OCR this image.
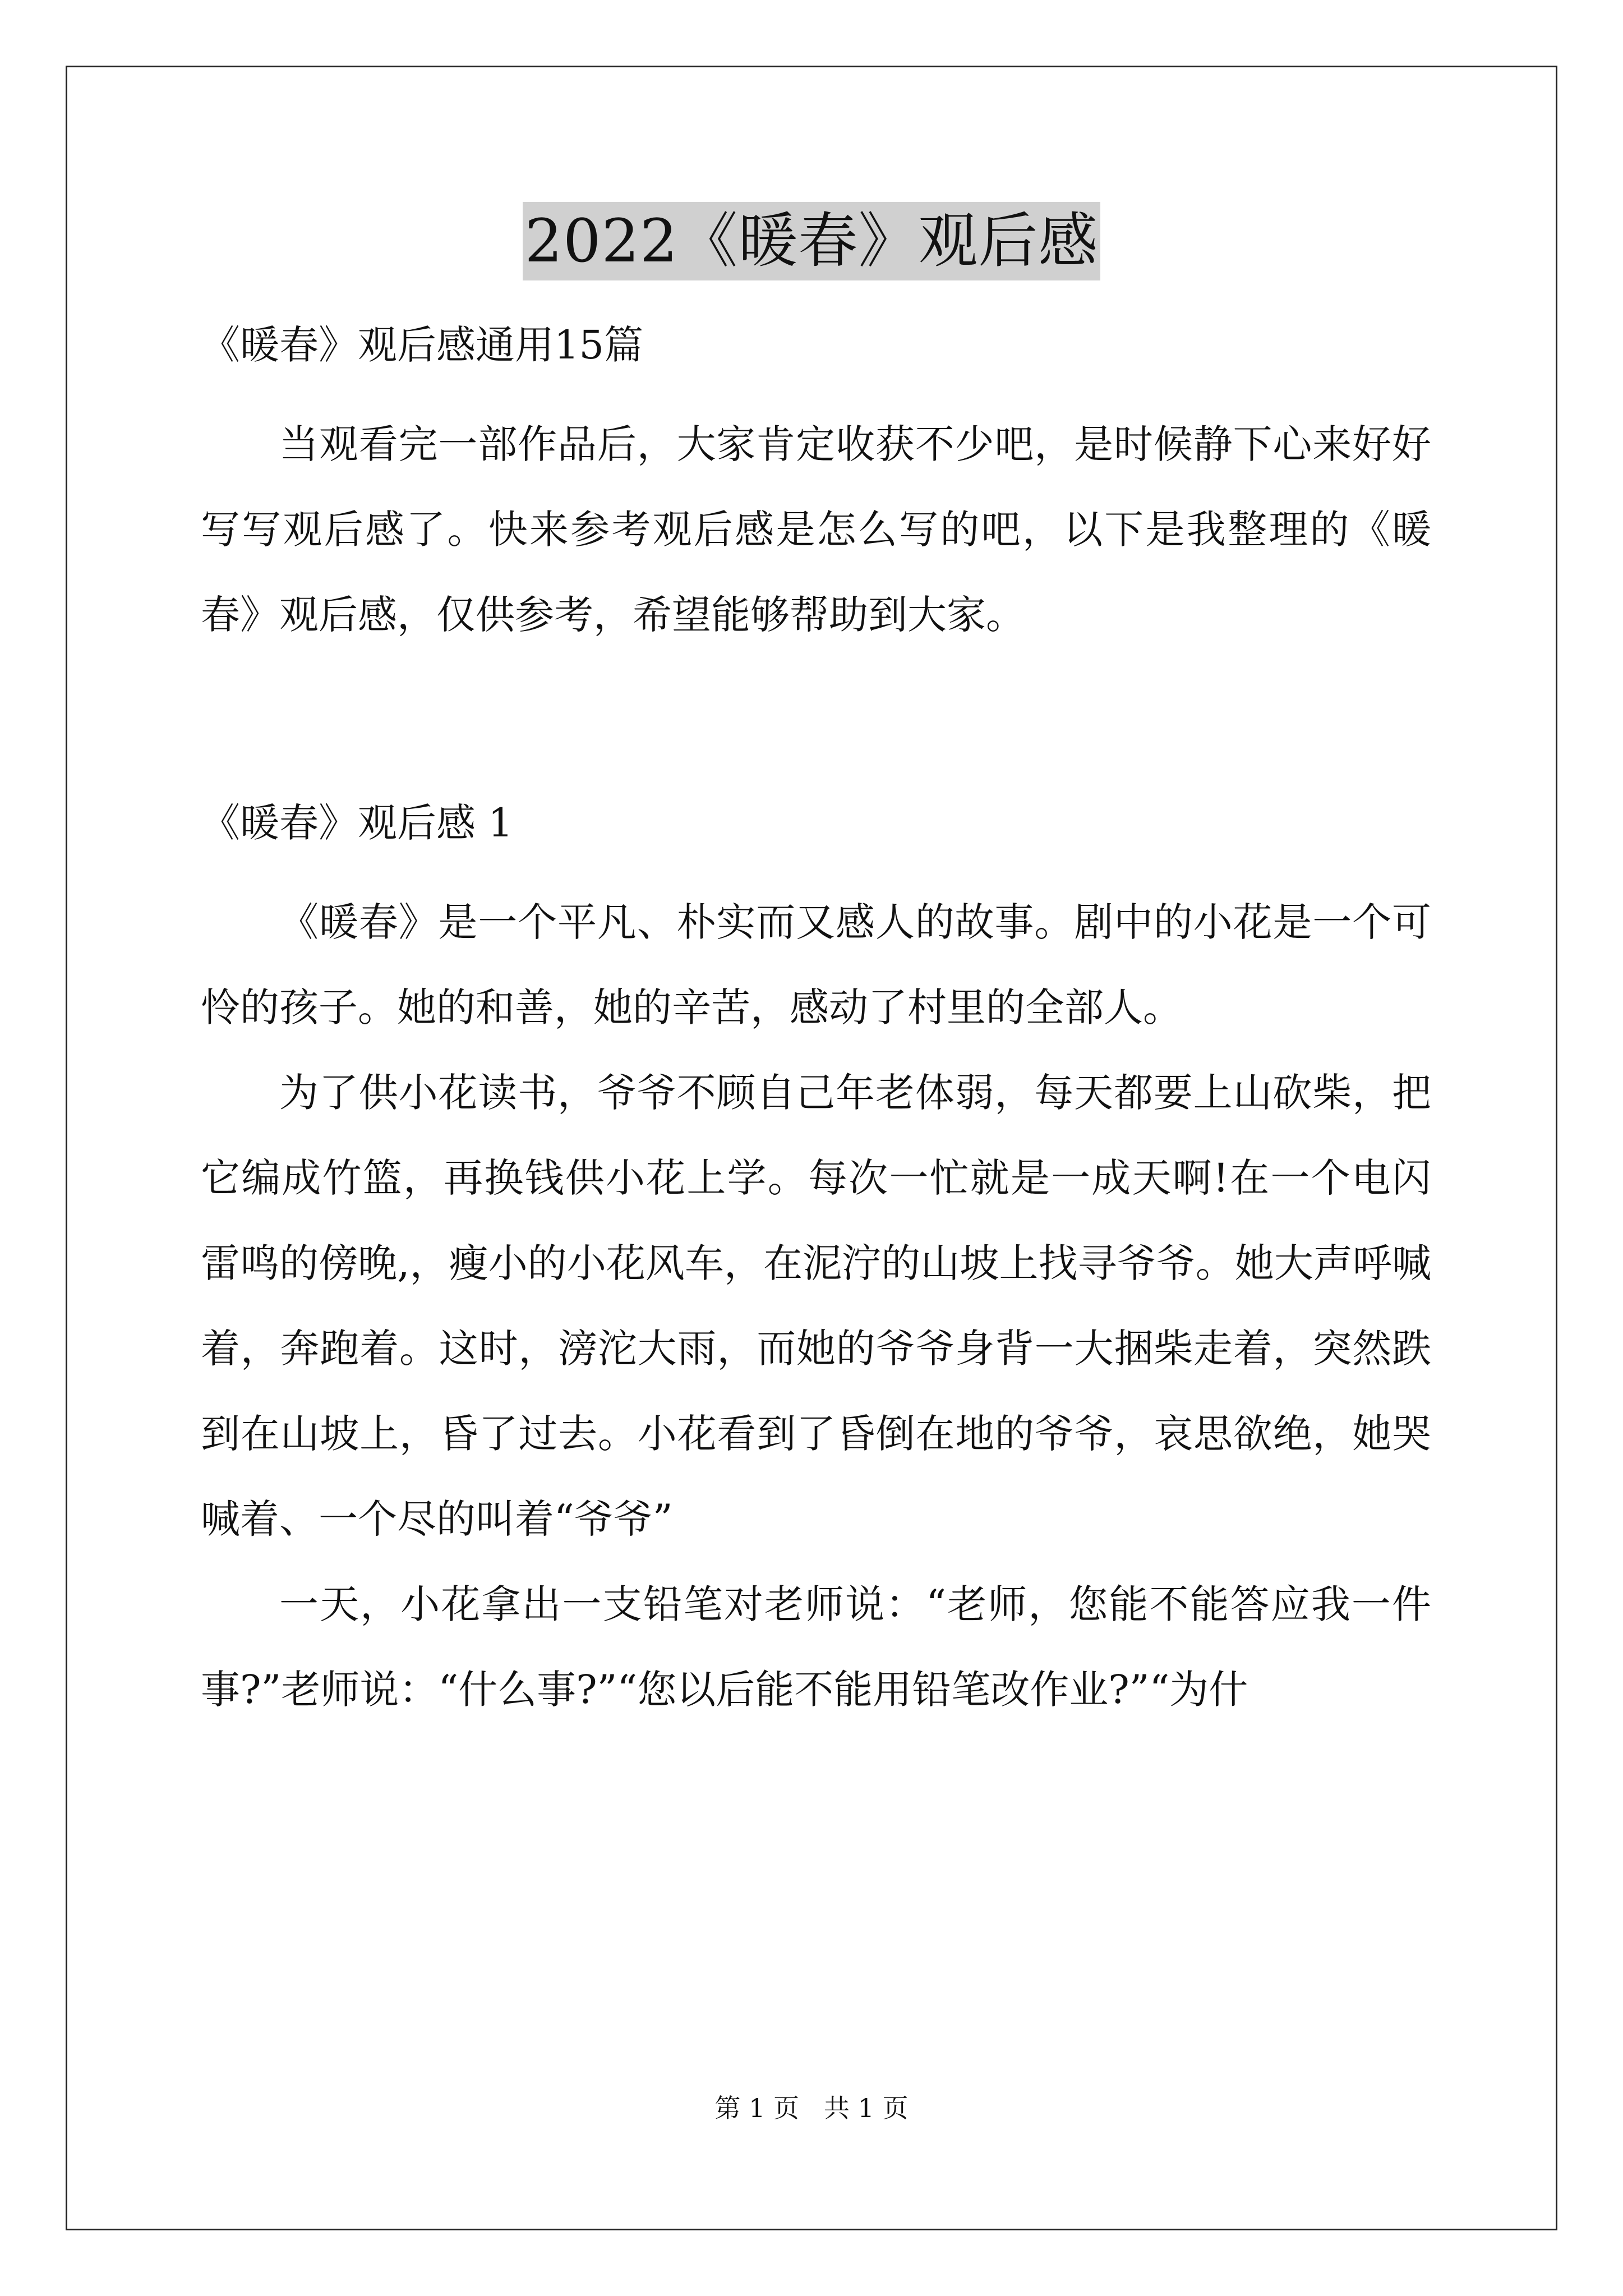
2022《暖春》观后感

《暖春》观后感通用15篇

当观看完一部作品后，大家肯定收获不少吧，是时候静下心来好好写写观后感了。快来参考观后感是怎么写的吧，以下是我整理的《暖春》观后感，仅供参考，希望能够帮助到大家。

《暖春》观后感 1

《暖春》是一个平凡、朴实而又感人的故事。剧中的小花是一个可怜的孩子。她的和善，她的辛苦，感动了村里的全部人。

为了供小花读书，爷爷不顾自己年老体弱，每天都要上山砍柴，把它编成竹篮，再换钱供小花上学。每次一忙就是一成天啊!在一个电闪雷鸣的傍晚,，瘦小的小花风车，在泥泞的山坡上找寻爷爷。她大声呼喊着，奔跑着。这时，滂沱大雨，而她的爷爷身背一大捆柴走着，突然跌到在山坡上，昏了过去。小花看到了昏倒在地的爷爷，哀思欲绝，她哭喊着、一个尽的叫着“爷爷”

一天，小花拿出一支铅笔对老师说：“老师，您能不能答应我一件事?”老师说：“什么事?”“您以后能不能用铅笔改作业?”“为什

第 1 页 共 1 页
